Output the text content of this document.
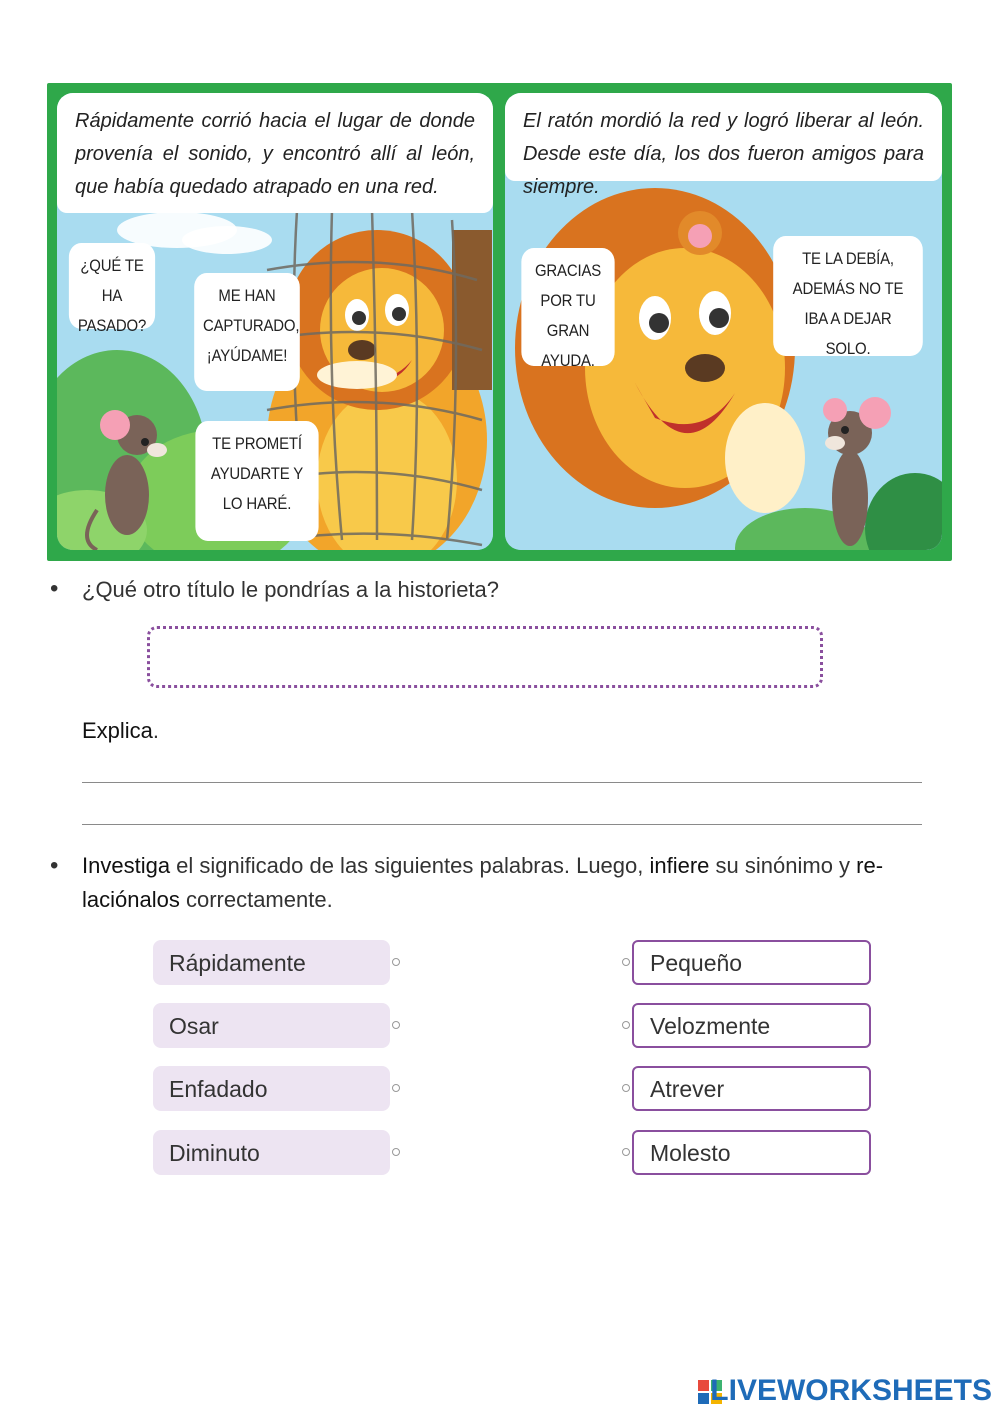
Rápidamente corrió hacia el lugar de donde provenía el sonido, y encontró allí al león, que había quedado atrapado en una red.
¿QUÉ TE HA PASADO?
ME HAN CAPTURADO, ¡AYÚDAME!
TE PROMETÍ AYUDARTE Y LO HARÉ.
El ratón mordió la red y logró liberar al león. Desde este día, los dos fueron amigos para siempre.
GRACIAS POR TU GRAN AYUDA.
TE LA DEBÍA, ADEMÁS NO TE IBA A DEJAR SOLO.
• ¿Qué otro título le pondrías a la historieta?
Explica.
• Investiga el significado de las siguientes palabras. Luego, infiere su sinónimo y re-
laciónalos correctamente.
Rápidamente
Osar
Enfadado
Diminuto
Pequeño
Velozmente
Atrever
Molesto
LIVEWORKSHEETS
